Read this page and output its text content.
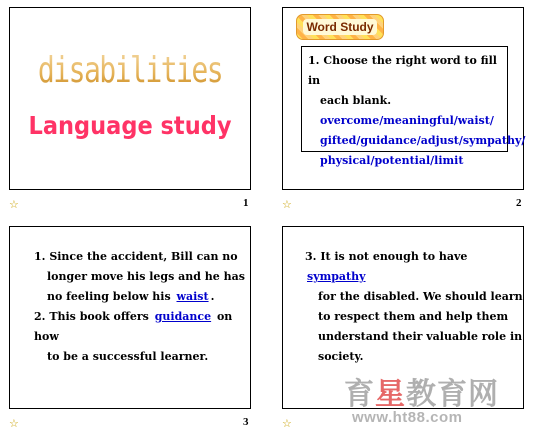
disabilities
Language study
☆	1
Word Study
1. Choose the right word to fill in
each blank.
overcome/meaningful/waist/
gifted/guidance/adjust/sympathy/
physical/potential/limit
☆	2
1. Since the accident, Bill can no
longer move his legs and he has
no feeling below his waist .
2. This book offers guidance on how
to be a successful learner.
☆	3
3. It is not enough to have sympathy
for the disabled. We should learn
to respect them and help them
understand their valuable role in
society.
☆
育星教育网
www.ht88.com
